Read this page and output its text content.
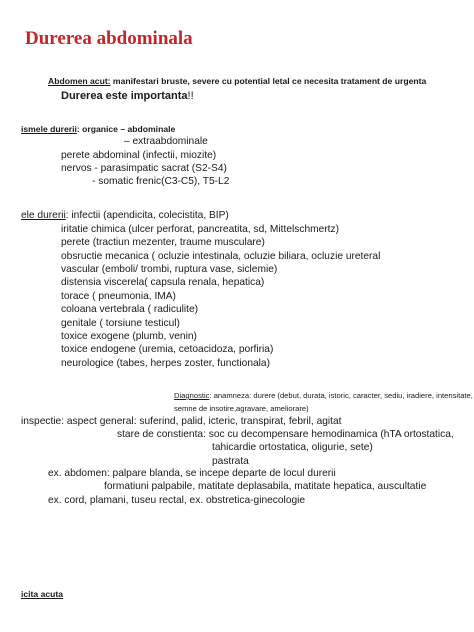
Durerea abdominala
Abdomen acut: manifestari bruste, severe cu potential letal ce necesita tratament de urgenta
Durerea este importanta!!
ismele durerii: organice – abdominale
– extraabdominale
perete abdominal (infectii, miozite)
nervos - parasimpatic sacrat (S2-S4)
- somatic frenic(C3-C5), T5-L2
ele durerii: infectii (apendicita, colecistita, BIP)
iritatie chimica (ulcer perforat, pancreatita, sd, Mittelschmertz)
perete (tractiun mezenter, traume musculare)
obsructie mecanica ( ocluzie intestinala, ocluzie biliara, ocluzie ureteral
vascular (emboli/ trombi, ruptura vase, siclemie)
distensia viscerela( capsula renala, hepatica)
torace ( pneumonia, IMA)
coloana vertebrala ( radiculite)
genitale ( torsiune testicul)
toxice exogene (plumb, venin)
toxice endogene (uremia, cetoacidoza, porfiria)
neurologice (tabes, herpes zoster, functionala)
Diagnostic: anamneza: durere (debut, durata, istoric, caracter, sediu, iradiere, intensitate,
semne de insotire,agravare, ameliorare)
inspectie: aspect general: suferind, palid, icteric, transpirat, febril, agitat
stare de constienta: soc cu decompensare hemodinamica (hTA ortostatica,
tahicardie ortostatica, oliguriе, sete)
pastrata
ex. abdomen: palpare blanda, se incepe departe de locul durerii
formatiuni palpabile, matitate deplasabila, matitate hepatica, auscultatie
ex. cord, plamani, tuseu rectal, ex. obstretica-ginecologie
icita acuta
